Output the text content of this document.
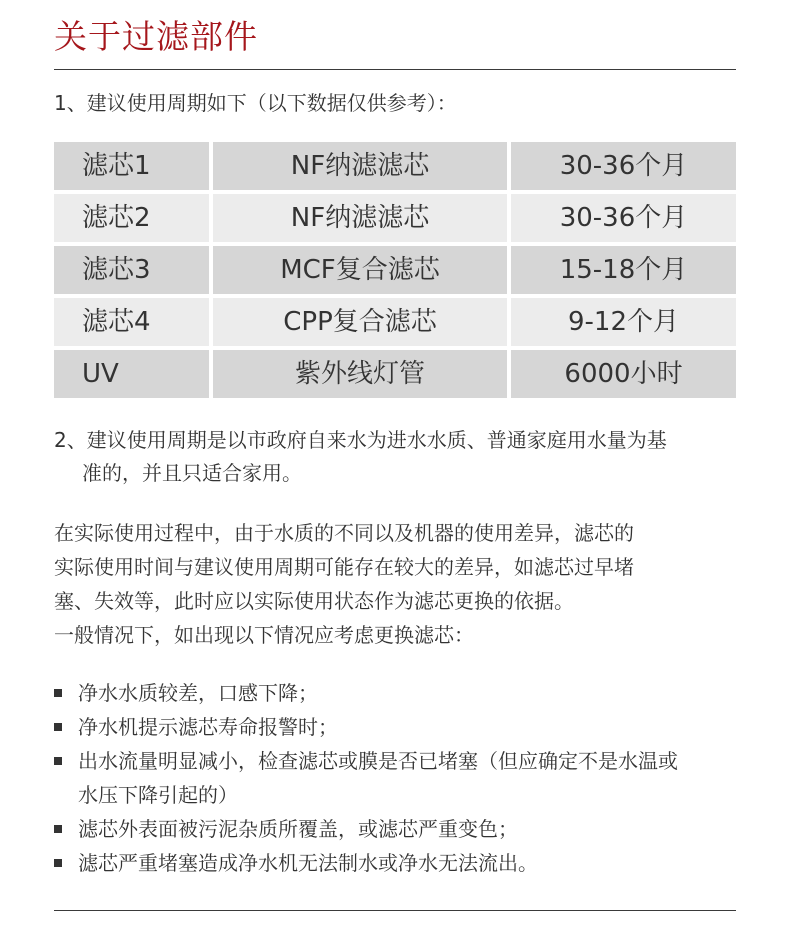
关于过滤部件
1、建议使用周期如下（以下数据仅供参考）：
滤芯1	NF纳滤滤芯	30-36个月
滤芯2	NF纳滤滤芯	30-36个月
滤芯3	MCF复合滤芯	15-18个月
滤芯4	CPP复合滤芯	9-12个月
UV	紫外线灯管	6000小时
2、建议使用周期是以市政府自来水为进水水质、普通家庭用水量为基
准的，并且只适合家用。
在实际使用过程中，由于水质的不同以及机器的使用差异，滤芯的
实际使用时间与建议使用周期可能存在较大的差异，如滤芯过早堵
塞、失效等，此时应以实际使用状态作为滤芯更换的依据。
一般情况下，如出现以下情况应考虑更换滤芯：
净水水质较差，口感下降；
净水机提示滤芯寿命报警时；
出水流量明显减小，检查滤芯或膜是否已堵塞（但应确定不是水温或
水压下降引起的）
滤芯外表面被污泥杂质所覆盖，或滤芯严重变色；
滤芯严重堵塞造成净水机无法制水或净水无法流出。
